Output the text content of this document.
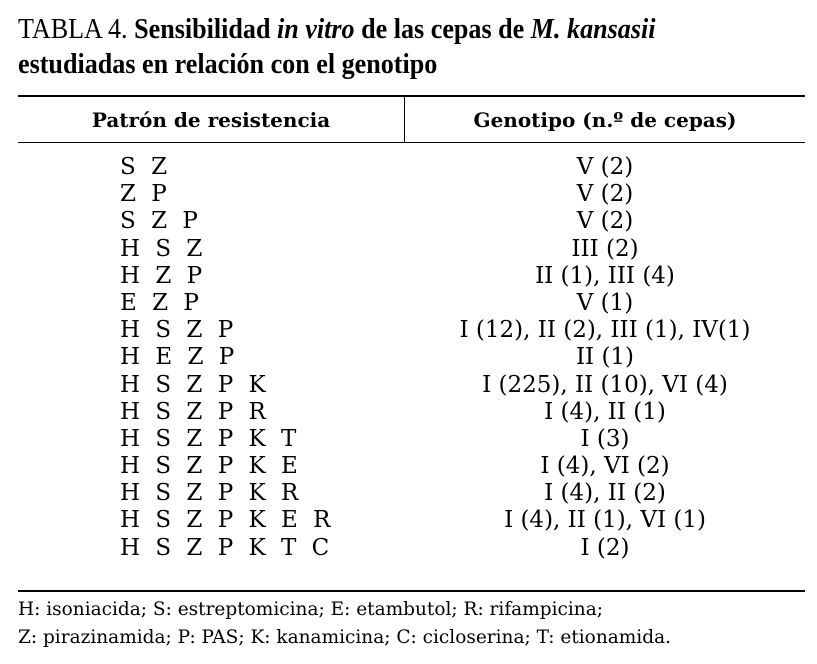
TABLA 4. Sensibilidad in vitro de las cepas de M. kansasii
estudiadas en relación con el genotipo
Patrón de resistencia	Genotipo (n.º de cepas)
S Z	V (2)
Z P	V (2)
S Z P	V (2)
H S Z	III (2)
H Z P	II (1), III (4)
E Z P	V (1)
H S Z P	I (12), II (2), III (1), IV(1)
H E Z P	II (1)
H S Z P K	I (225), II (10), VI (4)
H S Z P R	I (4), II (1)
H S Z P K T	I (3)
H S Z P K E	I (4), VI (2)
H S Z P K R	I (4), II (2)
H S Z P K E R	I (4), II (1), VI (1)
H S Z P K T C	I (2)
H: isoniacida; S: estreptomicina; E: etambutol; R: rifampicina;
Z: pirazinamida; P: PAS; K: kanamicina; C: cicloserina; T: etionamida.
